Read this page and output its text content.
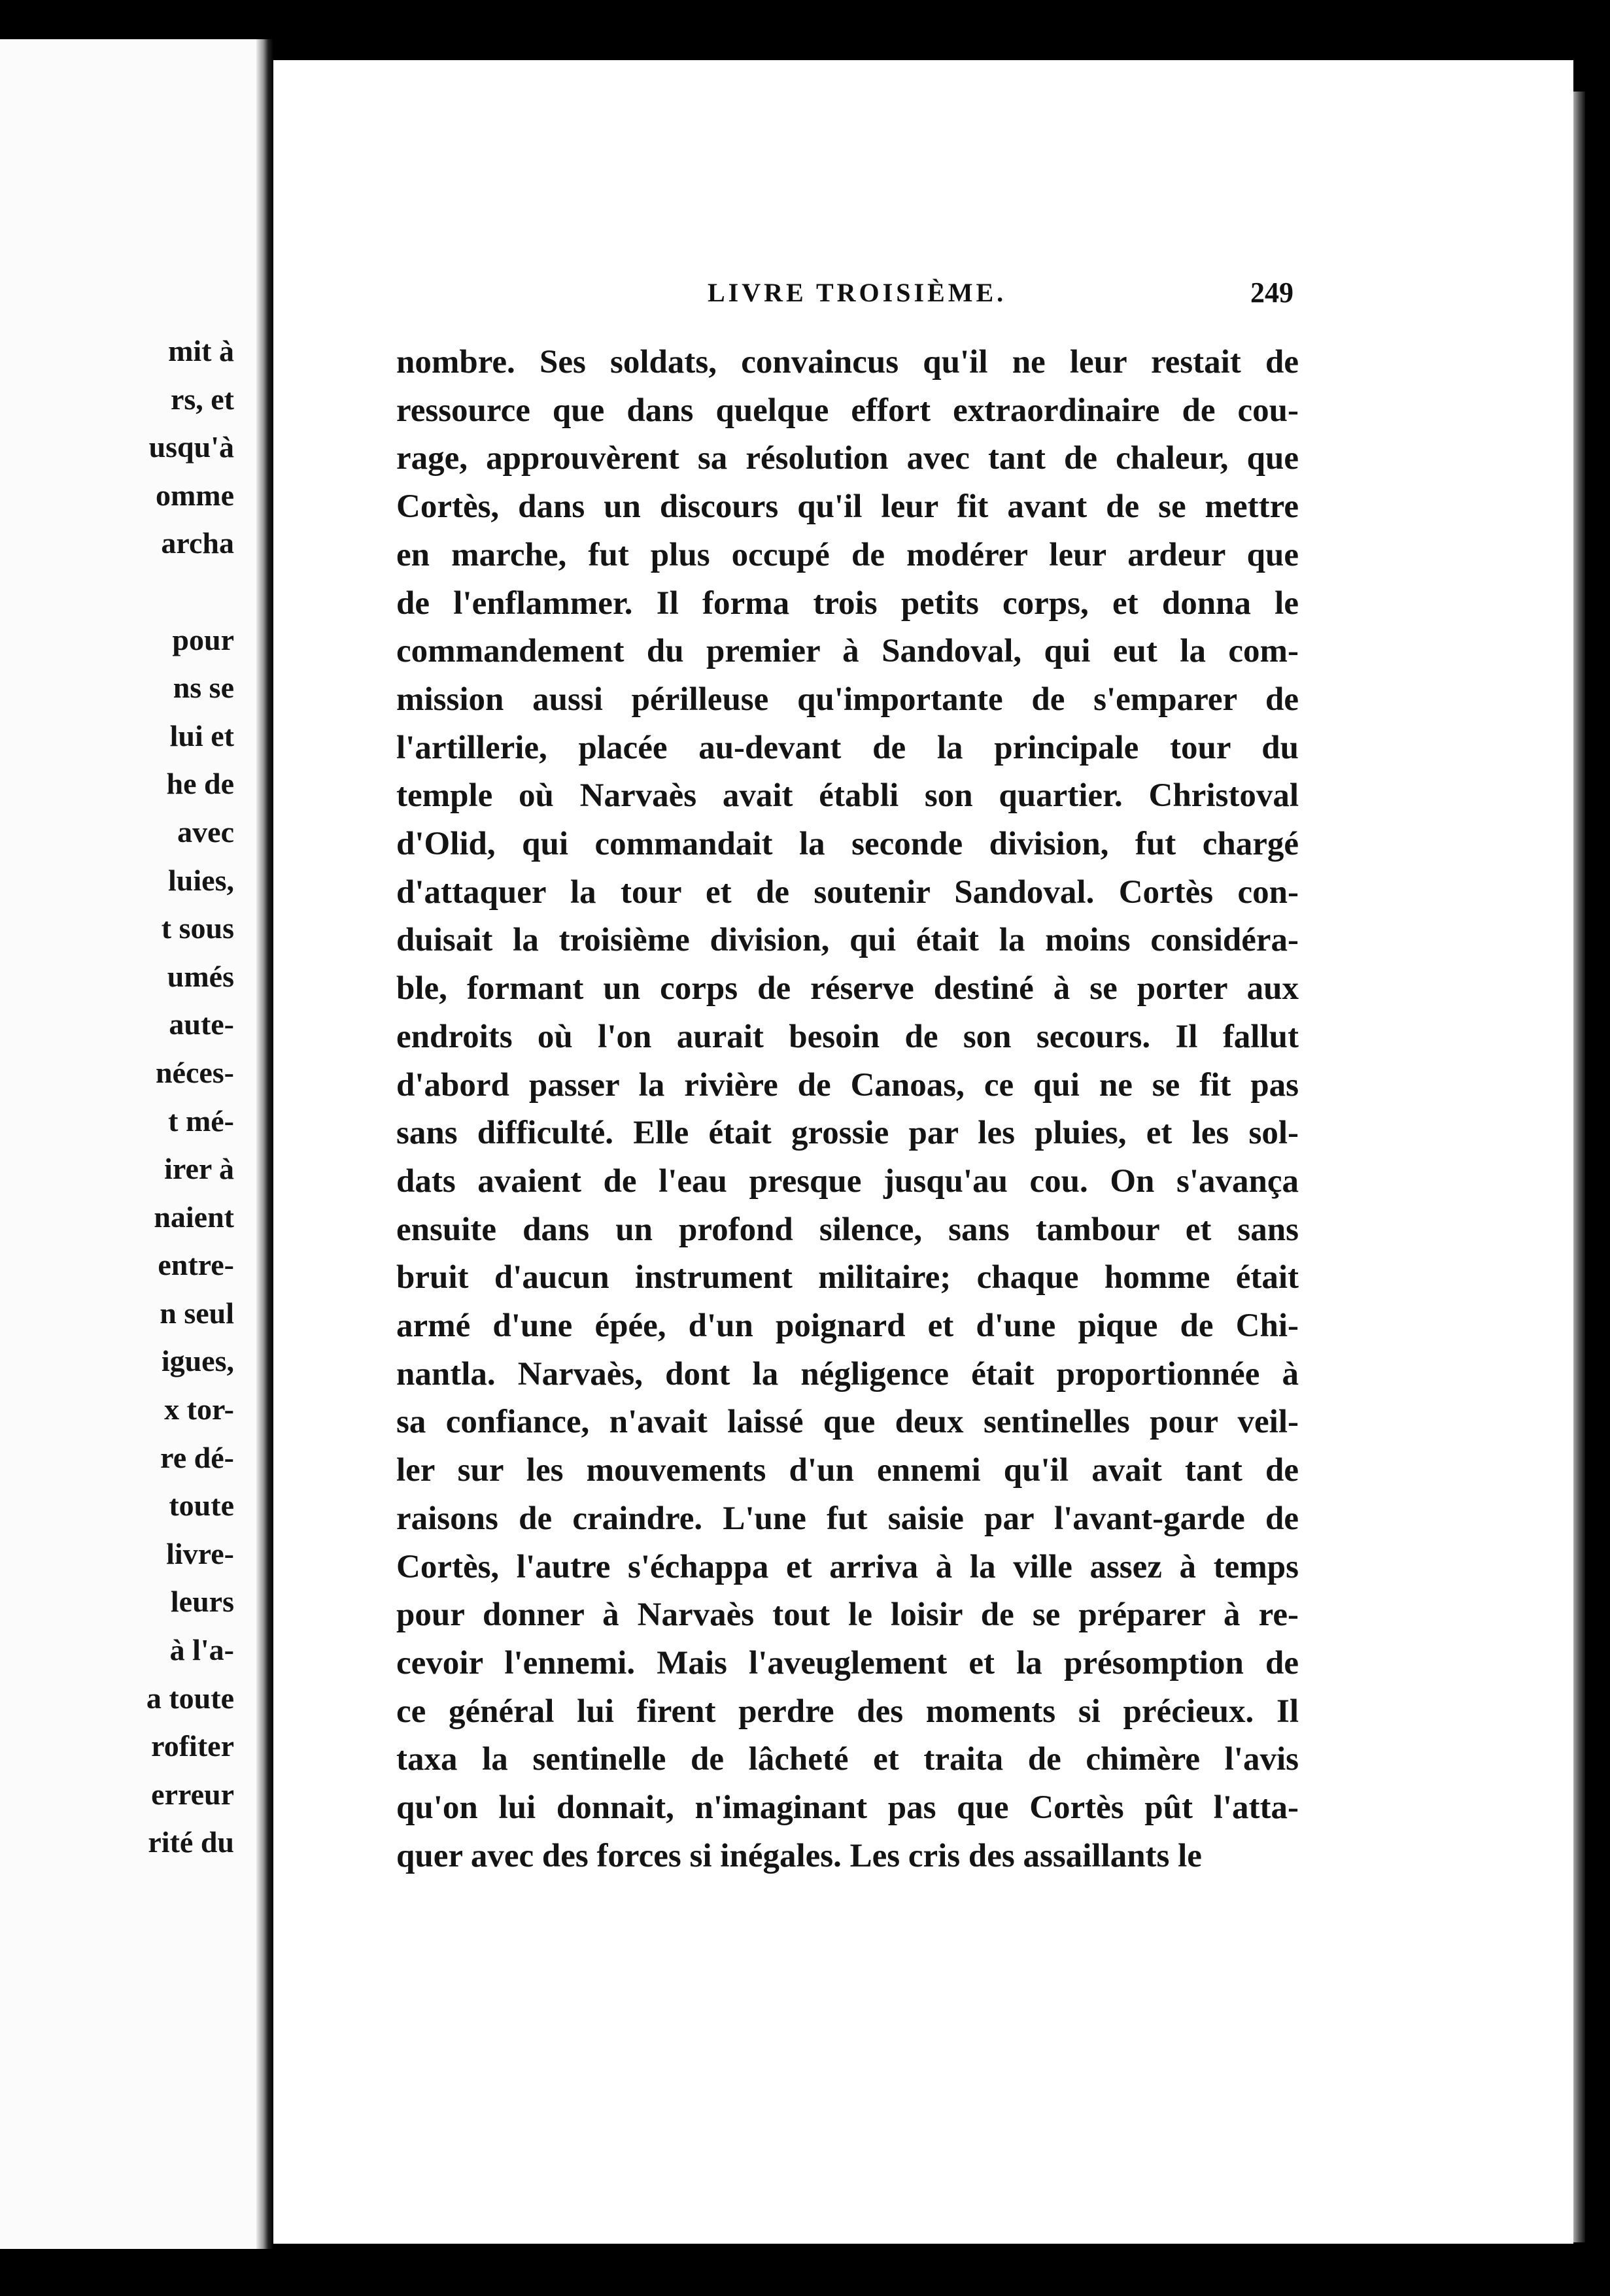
mit à
rs, et
usqu'à
omme
archa
pour
ns se
lui et
he de
avec
luies,
t sous
umés
aute-
néces-
t mé-
irer à
naient
entre-
n seul
igues,
x tor-
re dé-
toute
livre-
leurs
à l'a-
a toute
rofiter
erreur
rité du
LIVRE TROISIÈME.	249
nombre. Ses soldats, convaincus qu'il ne leur restait de
ressource que dans quelque effort extraordinaire de cou-
rage, approuvèrent sa résolution avec tant de chaleur, que
Cortès, dans un discours qu'il leur fit avant de se mettre
en marche, fut plus occupé de modérer leur ardeur que
de l'enflammer. Il forma trois petits corps, et donna le
commandement du premier à Sandoval, qui eut la com-
mission aussi périlleuse qu'importante de s'emparer de
l'artillerie, placée au-devant de la principale tour du
temple où Narvaès avait établi son quartier. Christoval
d'Olid, qui commandait la seconde division, fut chargé
d'attaquer la tour et de soutenir Sandoval. Cortès con-
duisait la troisième division, qui était la moins considéra-
ble, formant un corps de réserve destiné à se porter aux
endroits où l'on aurait besoin de son secours. Il fallut
d'abord passer la rivière de Canoas, ce qui ne se fit pas
sans difficulté. Elle était grossie par les pluies, et les sol-
dats avaient de l'eau presque jusqu'au cou. On s'avança
ensuite dans un profond silence, sans tambour et sans
bruit d'aucun instrument militaire; chaque homme était
armé d'une épée, d'un poignard et d'une pique de Chi-
nantla. Narvaès, dont la négligence était proportionnée à
sa confiance, n'avait laissé que deux sentinelles pour veil-
ler sur les mouvements d'un ennemi qu'il avait tant de
raisons de craindre. L'une fut saisie par l'avant-garde de
Cortès, l'autre s'échappa et arriva à la ville assez à temps
pour donner à Narvaès tout le loisir de se préparer à re-
cevoir l'ennemi. Mais l'aveuglement et la présomption de
ce général lui firent perdre des moments si précieux. Il
taxa la sentinelle de lâcheté et traita de chimère l'avis
qu'on lui donnait, n'imaginant pas que Cortès pût l'atta-
quer avec des forces si inégales. Les cris des assaillants le
